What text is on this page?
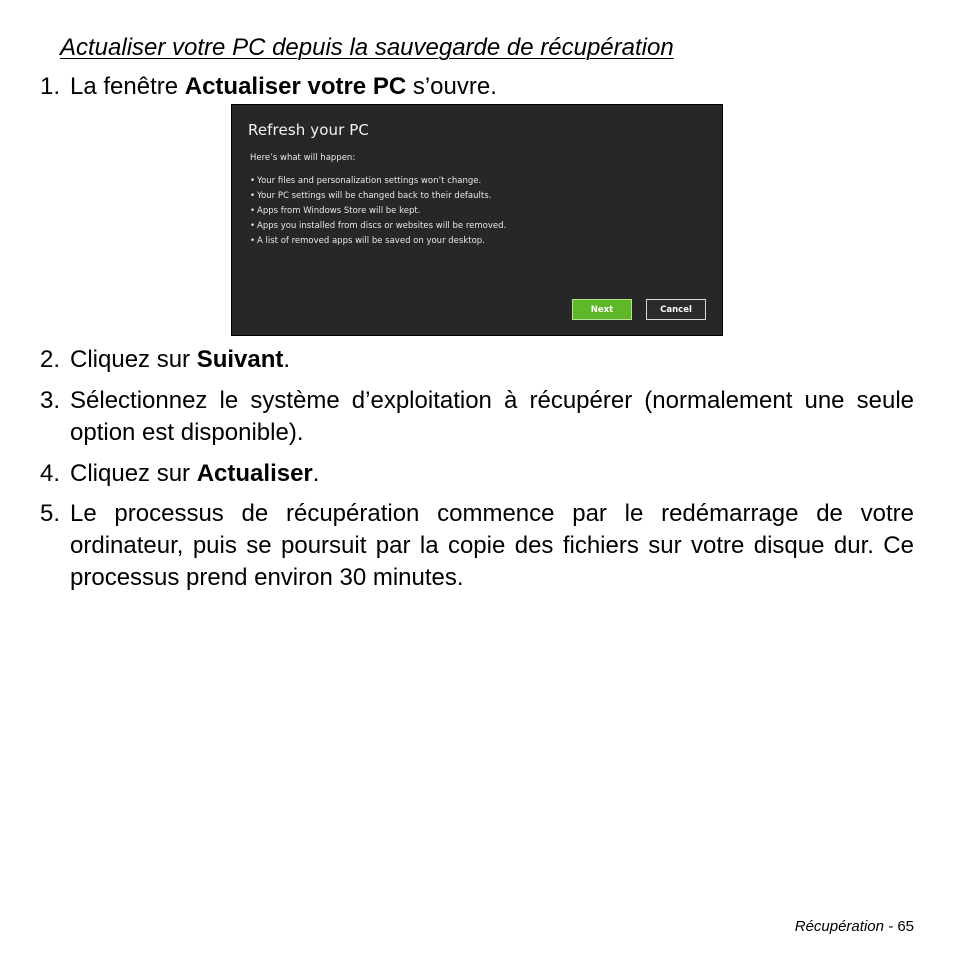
Actualiser votre PC depuis la sauvegarde de récupération
1. La fenêtre Actualiser votre PC s’ouvre.
Refresh your PC
Here’s what will happen:
• Your files and personalization settings won’t change.
• Your PC settings will be changed back to their defaults.
• Apps from Windows Store will be kept.
• Apps you installed from discs or websites will be removed.
• A list of removed apps will be saved on your desktop.
Next	Cancel
2. Cliquez sur Suivant.
3. Sélectionnez le système d’exploitation à récupérer (normalement une seule option est disponible).
4. Cliquez sur Actualiser.
5. Le processus de récupération commence par le redémarrage de votre ordinateur, puis se poursuit par la copie des fichiers sur votre disque dur. Ce processus prend environ 30 minutes.
Récupération - 65
